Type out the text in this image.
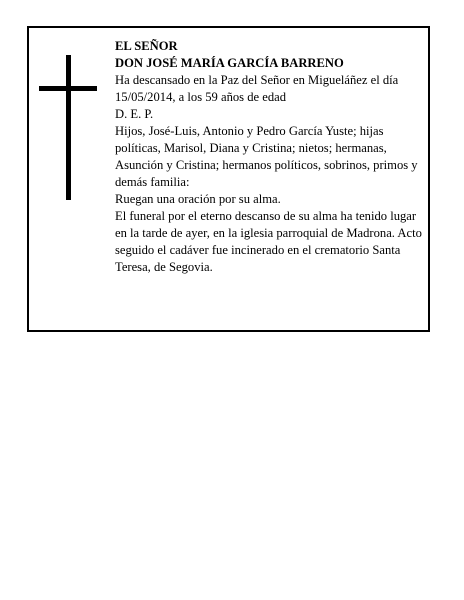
EL SEÑOR

DON JOSÉ MARÍA GARCÍA BARRENO

Ha descansado en la Paz del Señor en Migueláñez el día 15/05/2014, a los 59 años de edad

D. E. P.

Hijos, José-Luis, Antonio y Pedro García Yuste; hijas políticas, Marisol, Diana y Cristina; nietos; hermanas, Asunción y Cristina; hermanos políticos, sobrinos, primos y demás familia:

Ruegan una oración por su alma.

El funeral por el eterno descanso de su alma ha tenido lugar en la tarde de ayer, en la iglesia parroquial de Madrona. Acto seguido el cadáver fue incinerado en el crematorio Santa Teresa, de Segovia.
